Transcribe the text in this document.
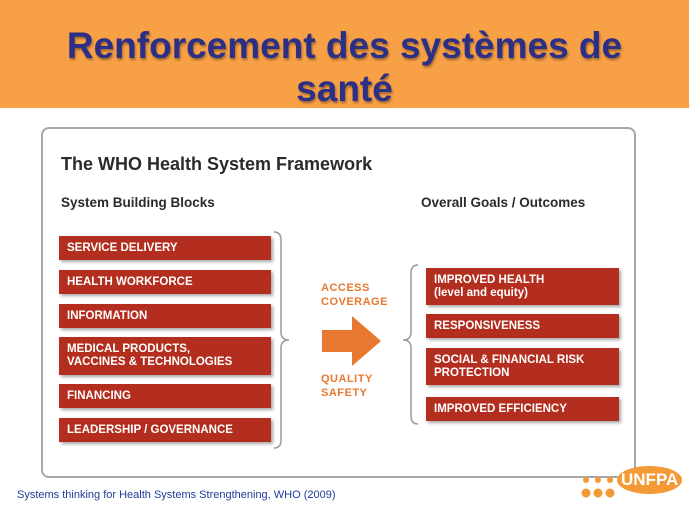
Renforcement des systèmes de
santé
The WHO Health System Framework
System Building Blocks	Overall Goals / Outcomes
SERVICE DELIVERY
HEALTH WORKFORCE
INFORMATION
MEDICAL PRODUCTS,
VACCINES & TECHNOLOGIES
FINANCING
LEADERSHIP / GOVERNANCE
ACCESS
COVERAGE
QUALITY
SAFETY
IMPROVED HEALTH
(level and equity)
RESPONSIVENESS
SOCIAL & FINANCIAL RISK
PROTECTION
IMPROVED EFFICIENCY
Systems thinking for Health Systems Strengthening, WHO (2009)
UNFPA
